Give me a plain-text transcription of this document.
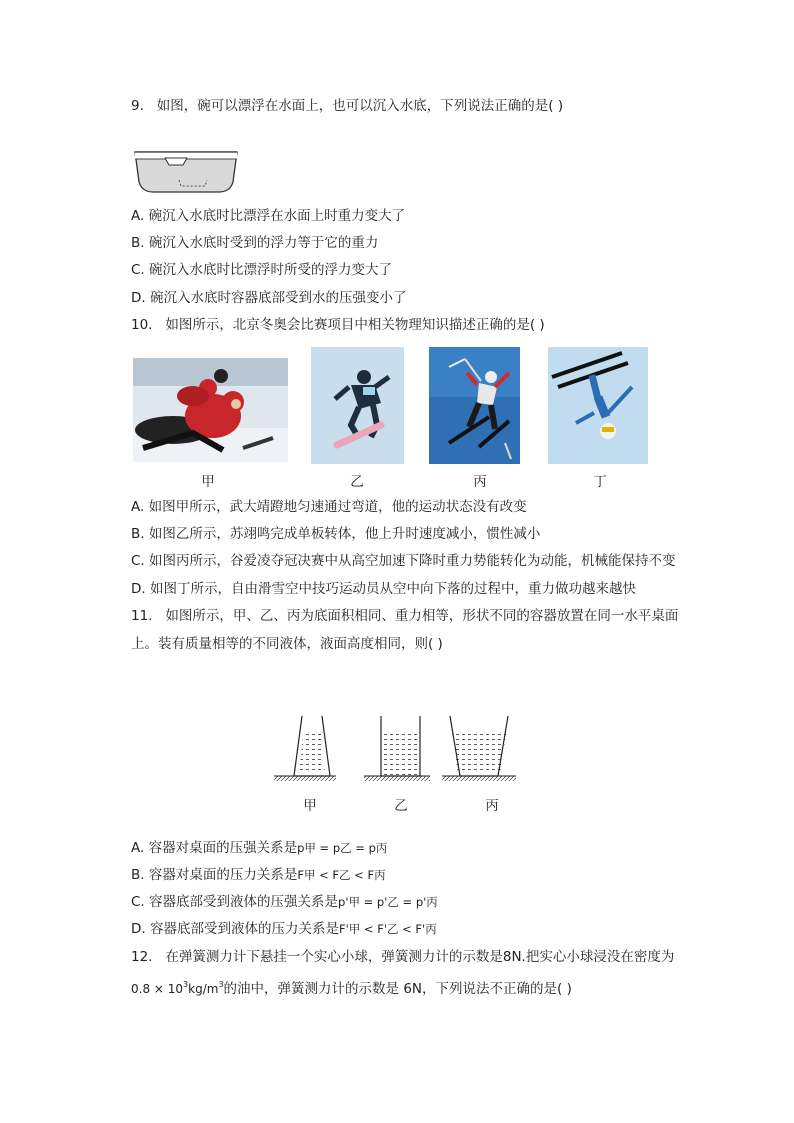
9. 如图，碗可以漂浮在水面上，也可以沉入水底，下列说法正确的是( )
A. 碗沉入水底时比漂浮在水面上时重力变大了
B. 碗沉入水底时受到的浮力等于它的重力
C. 碗沉入水底时比漂浮时所受的浮力变大了
D. 碗沉入水底时容器底部受到水的压强变小了
10. 如图所示，北京冬奥会比赛项目中相关物理知识描述正确的是( )
甲	乙	丙	丁
A. 如图甲所示，武大靖蹬地匀速通过弯道，他的运动状态没有改变
B. 如图乙所示，苏翊鸣完成单板转体，他上升时速度减小，惯性减小
C. 如图丙所示，谷爱凌夺冠决赛中从高空加速下降时重力势能转化为动能，机械能保持不变
D. 如图丁所示，自由滑雪空中技巧运动员从空中向下落的过程中，重力做功越来越快
11. 如图所示，甲、乙、丙为底面积相同、重力相等，形状不同的容器放置在同一水平桌面
上。装有质量相等的不同液体，液面高度相同，则( )
甲	乙	丙
A. 容器对桌面的压强关系是p甲 = p乙 = p丙
B. 容器对桌面的压力关系是F甲 < F乙 < F丙
C. 容器底部受到液体的压强关系是p'甲 = p'乙 = p'丙
D. 容器底部受到液体的压力关系是F'甲 < F'乙 < F'丙
12. 在弹簧测力计下悬挂一个实心小球，弹簧测力计的示数是8N.把实心小球浸没在密度为
$0.8 \times 10^3kg/m^3$的油中，弹簧测力计的示数是 6N，下列说法不正确的是( )
